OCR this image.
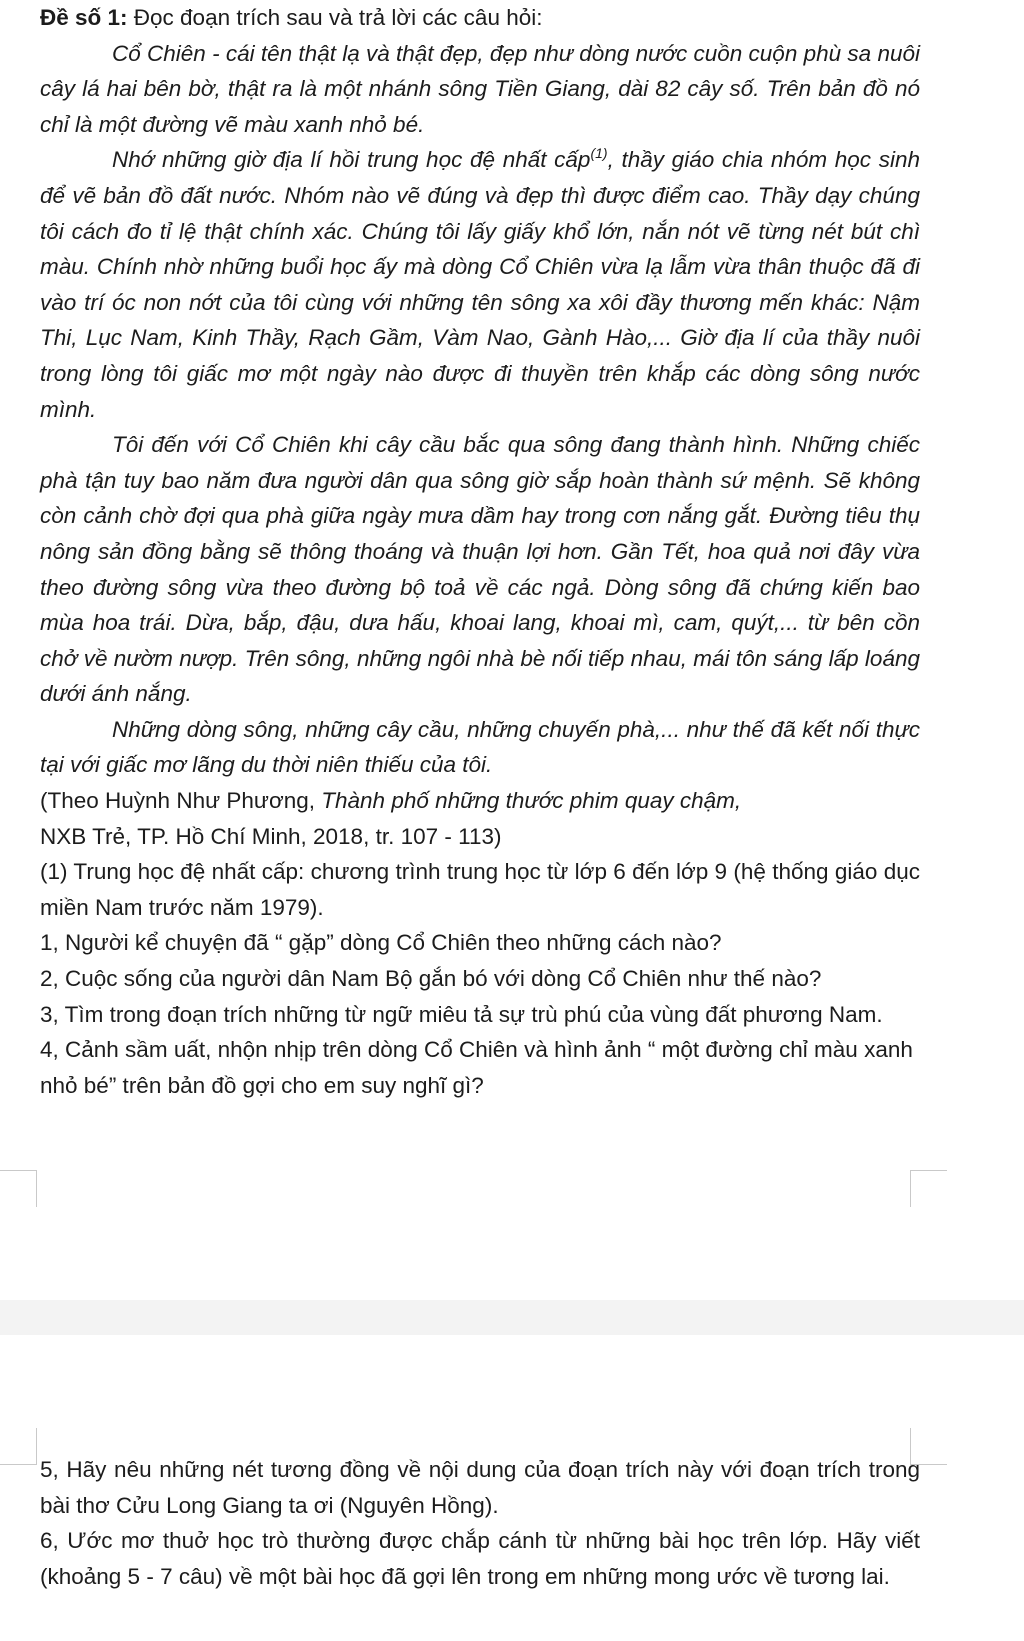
Đề số 1: Đọc đoạn trích sau và trả lời các câu hỏi:

Cổ Chiên - cái tên thật lạ và thật đẹp, đẹp như dòng nước cuồn cuộn phù sa nuôi cây lá hai bên bờ, thật ra là một nhánh sông Tiền Giang, dài 82 cây số. Trên bản đồ nó chỉ là một đường vẽ màu xanh nhỏ bé.

Nhớ những giờ địa lí hồi trung học đệ nhất cấp$^{(1)}$, thầy giáo chia nhóm học sinh để vẽ bản đồ đất nước. Nhóm nào vẽ đúng và đẹp thì được điểm cao. Thầy dạy chúng tôi cách đo tỉ lệ thật chính xác. Chúng tôi lấy giấy khổ lớn, nắn nót vẽ từng nét bút chì màu. Chính nhờ những buổi học ấy mà dòng Cổ Chiên vừa lạ lẫm vừa thân thuộc đã đi vào trí óc non nớt của tôi cùng với những tên sông xa xôi đầy thương mến khác: Nậm Thi, Lục Nam, Kinh Thầy, Rạch Gầm, Vàm Nao, Gành Hào,... Giờ địa lí của thầy nuôi trong lòng tôi giấc mơ một ngày nào được đi thuyền trên khắp các dòng sông nước mình.

Tôi đến với Cổ Chiên khi cây cầu bắc qua sông đang thành hình. Những chiếc phà tận tuy bao năm đưa người dân qua sông giờ sắp hoàn thành sứ mệnh. Sẽ không còn cảnh chờ đợi qua phà giữa ngày mưa dầm hay trong cơn nắng gắt. Đường tiêu thụ nông sản đồng bằng sẽ thông thoáng và thuận lợi hơn. Gần Tết, hoa quả nơi đây vừa theo đường sông vừa theo đường bộ toả về các ngả. Dòng sông đã chứng kiến bao mùa hoa trái. Dừa, bắp, đậu, dưa hấu, khoai lang, khoai mì, cam, quýt,... từ bên cồn chở về nườm nượp. Trên sông, những ngôi nhà bè nối tiếp nhau, mái tôn sáng lấp loáng dưới ánh nắng.

Những dòng sông, những cây cầu, những chuyến phà,... như thế đã kết nối thực tại với giấc mơ lãng du thời niên thiếu của tôi.

(Theo Huỳnh Như Phương, Thành phố những thước phim quay chậm,

NXB Trẻ, TP. Hồ Chí Minh, 2018, tr. 107 - 113)

(1) Trung học đệ nhất cấp: chương trình trung học từ lớp 6 đến lớp 9 (hệ thống giáo dục miền Nam trước năm 1979).

1, Người kể chuyện đã “ gặp” dòng Cổ Chiên theo những cách nào?

2, Cuộc sống của người dân Nam Bộ gắn bó với dòng Cổ Chiên như thế nào?

3, Tìm trong đoạn trích những từ ngữ miêu tả sự trù phú của vùng đất phương Nam.

4, Cảnh sầm uất, nhộn nhịp trên dòng Cổ Chiên và hình ảnh “ một đường chỉ màu xanh nhỏ bé” trên bản đồ gợi cho em suy nghĩ gì?

5, Hãy nêu những nét tương đồng về nội dung của đoạn trích này với đoạn trích trong bài thơ Cửu Long Giang ta ơi (Nguyên Hồng).

6, Ước mơ thuở học trò thường được chắp cánh từ những bài học trên lớp. Hãy viết (khoảng 5 - 7 câu) về một bài học đã gợi lên trong em những mong ước về tương lai.
